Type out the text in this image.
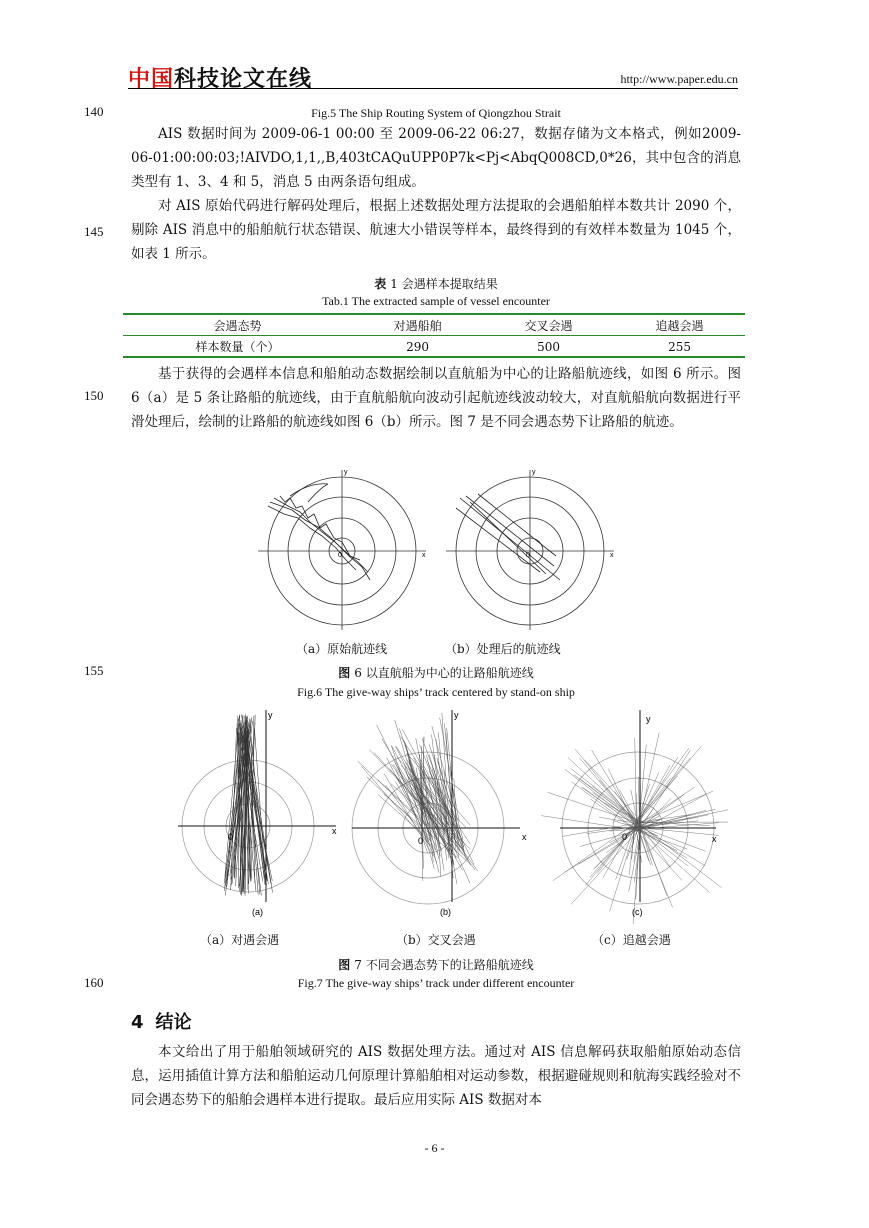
中国科技论文在线	http://www.paper.edu.cn
140
145
150
155
160
Fig.5 The Ship Routing System of Qiongzhou Strait

AIS 数据时间为 2009-06-1 00:00 至 2009-06-22 06:27，数据存储为文本格式，例如2009-06-01:00:00:03;!AIVDO,1,1,,B,403tCAQuUPP0P7k<Pj<AbqQ008CD,0*26，其中包含的消息类型有 1、3、4 和 5，消息 5 由两条语句组成。

对 AIS 原始代码进行解码处理后，根据上述数据处理方法提取的会遇船舶样本数共计 2090 个，剔除 AIS 消息中的船舶航行状态错误、航速大小错误等样本，最终得到的有效样本数量为 1045 个，如表 1 所示。

表 1 会遇样本提取结果
Tab.1 The extracted sample of vessel encounter
会遇态势	对遇船舶	交叉会遇	追越会遇
样本数量（个）	290	500	255

基于获得的会遇样本信息和船舶动态数据绘制以直航船为中心的让路船航迹线，如图 6 所示。图 6（a）是 5 条让路船的航迹线，由于直航船航向波动引起航迹线波动较大，对直航船航向数据进行平滑处理后，绘制的让路船的航迹线如图 6（b）所示。图 7 是不同会遇态势下让路船的航迹。

0
y
x	0
y
x
（a）原始航迹线	（b）处理后的航迹线
图 6 以直航船为中心的让路船航迹线
Fig.6 The give-way ships’ track centered by stand-on ship
y
x
0
(a)
y
x
0
(b)
y
x
0
(c)
（a）对遇会遇	（b）交叉会遇	（c）追越会遇
图 7 不同会遇态势下的让路船航迹线
Fig.7 The give-way ships’ track under different encounter
4 结论

本文给出了用于船舶领域研究的 AIS 数据处理方法。通过对 AIS 信息解码获取船舶原始动态信息，运用插值计算方法和船舶运动几何原理计算船舶相对运动参数，根据避碰规则和航海实践经验对不同会遇态势下的船舶会遇样本进行提取。最后应用实际 AIS 数据对本

- 6 -
